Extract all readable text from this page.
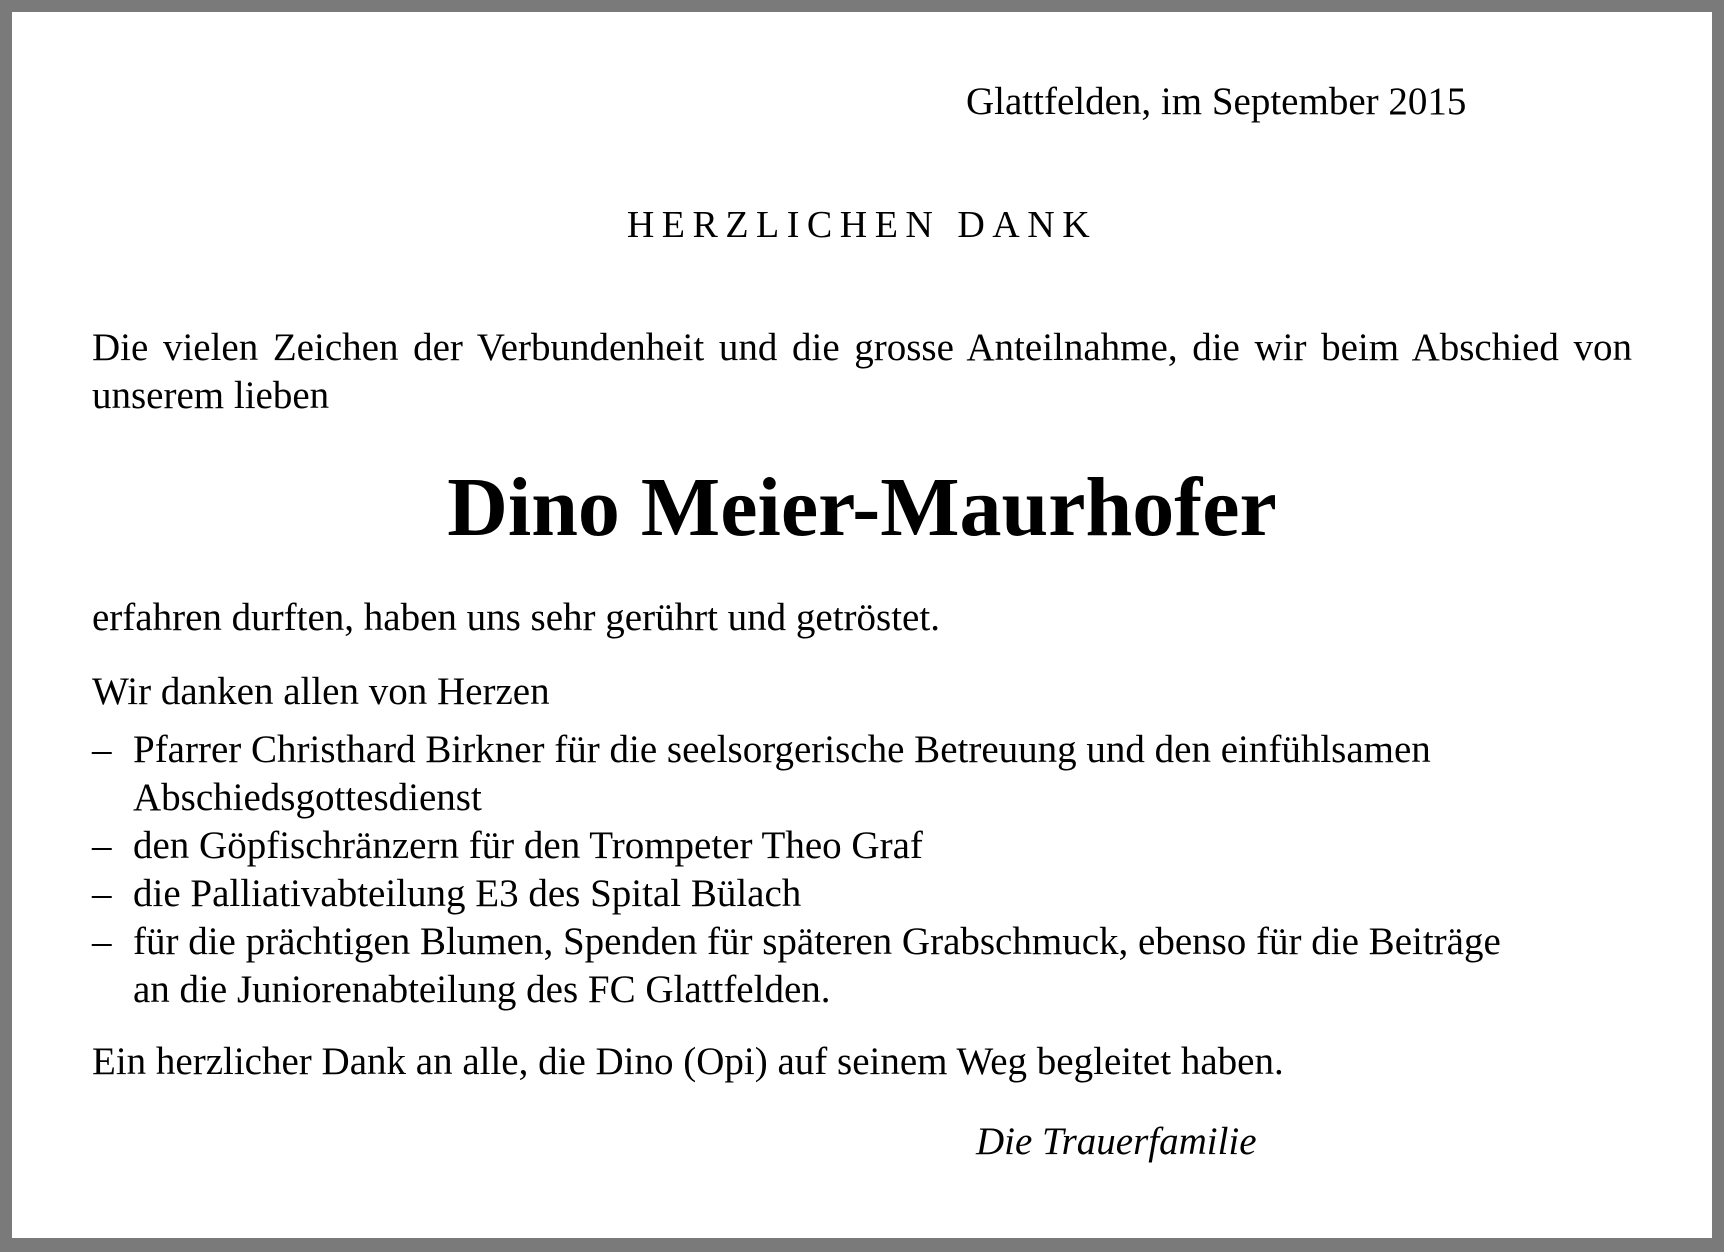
Glattfelden, im September 2015
HERZLICHEN DANK
Die vielen Zeichen der Verbundenheit und die grosse Anteilnahme, die wir beim Abschied von unserem lieben
Dino Meier-Maurhofer
erfahren durften, haben uns sehr gerührt und getröstet.
Wir danken allen von Herzen
– Pfarrer Christhard Birkner für die seelsorgerische Betreuung und den einfühlsamen
Abschiedsgottesdienst
– den Göpfischränzern für den Trompeter Theo Graf
– die Palliativabteilung E3 des Spital Bülach
– für die prächtigen Blumen, Spenden für späteren Grabschmuck, ebenso für die Beiträge
an die Juniorenabteilung des FC Glattfelden.
Ein herzlicher Dank an alle, die Dino (Opi) auf seinem Weg begleitet haben.
Die Trauerfamilie
